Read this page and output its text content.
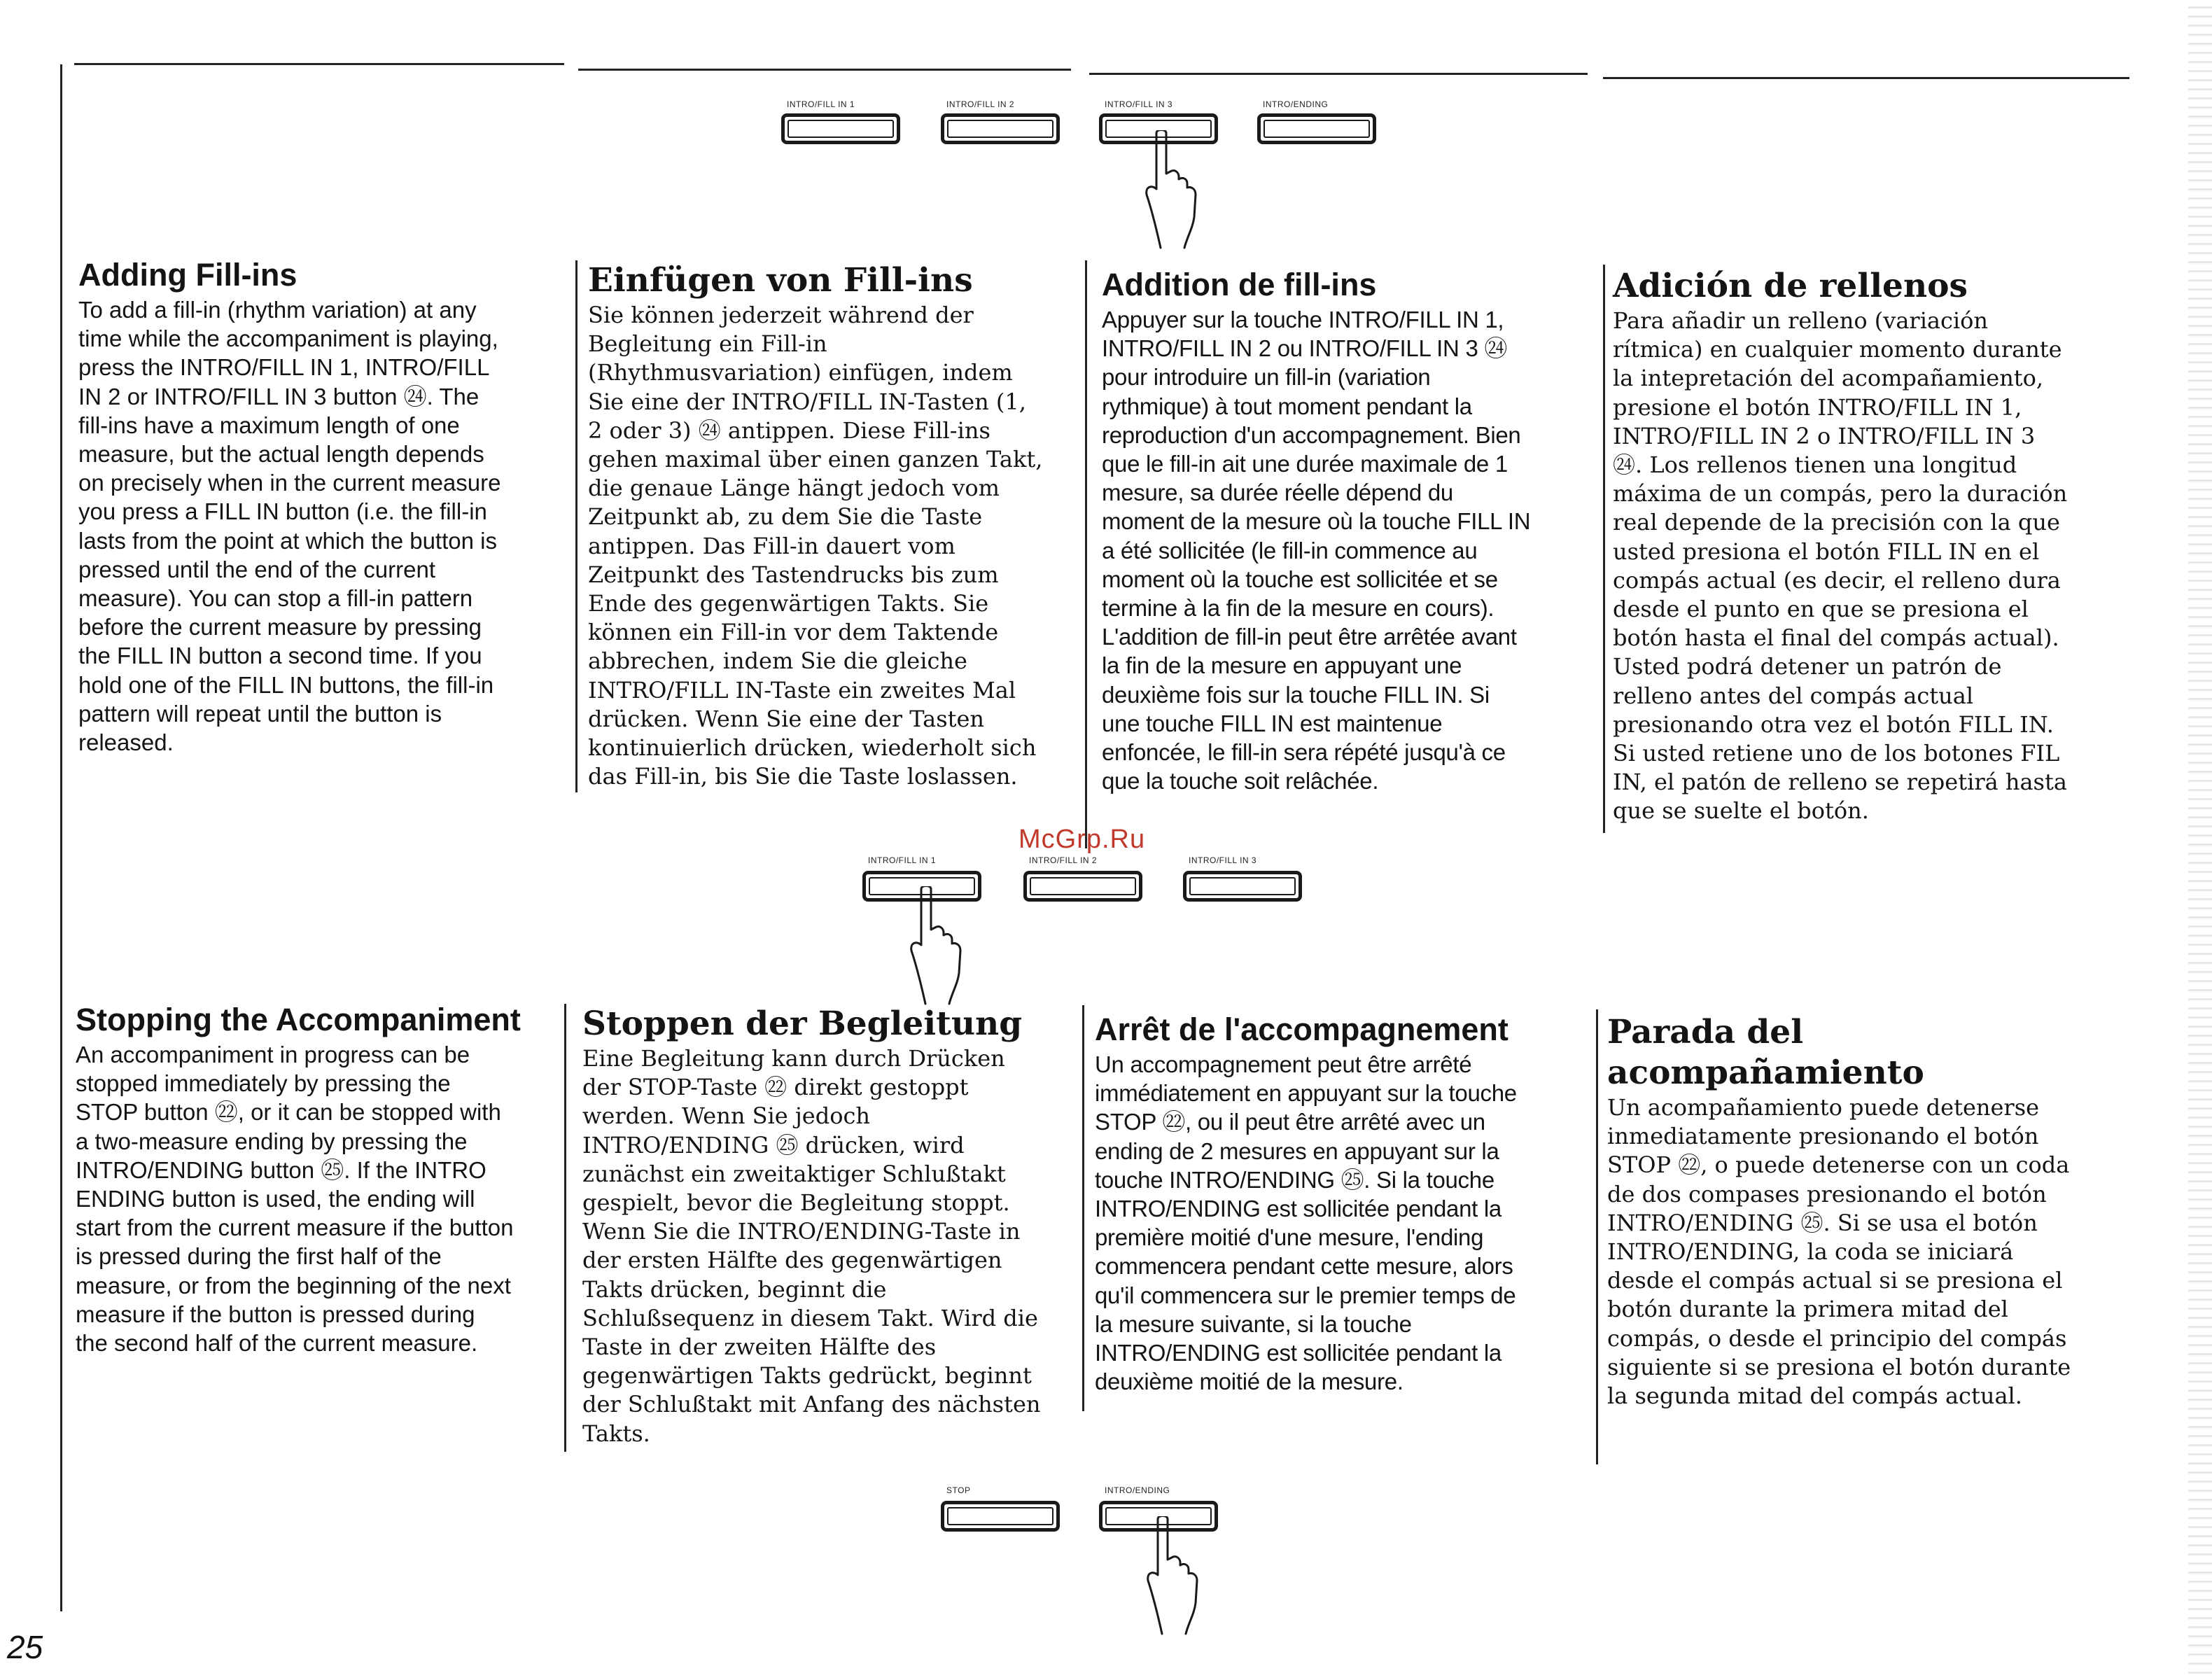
INTRO/FILL IN 1	INTRO/FILL IN 2	INTRO/FILL IN 3	INTRO/ENDING
Adding Fill-ins

To add a fill-in (rhythm variation) at any
time while the accompaniment is playing,
press the INTRO/FILL IN 1, INTRO/FILL
IN 2 or INTRO/FILL IN 3 button ㉔. The
fill-ins have a maximum length of one
measure, but the actual length depends
on precisely when in the current measure
you press a FILL IN button (i.e. the fill-in
lasts from the point at which the button is
pressed until the end of the current
measure). You can stop a fill-in pattern
before the current measure by pressing
the FILL IN button a second time. If you
hold one of the FILL IN buttons, the fill-in
pattern will repeat until the button is
released.

Einfügen von Fill-ins

Sie können jederzeit während der
Begleitung ein Fill-in
(Rhythmusvariation) einfügen, indem
Sie eine der INTRO/FILL IN-Tasten (1,
2 oder 3) ㉔ antippen. Diese Fill-ins
gehen maximal über einen ganzen Takt,
die genaue Länge hängt jedoch vom
Zeitpunkt ab, zu dem Sie die Taste
antippen. Das Fill-in dauert vom
Zeitpunkt des Tastendrucks bis zum
Ende des gegenwärtigen Takts. Sie
können ein Fill-in vor dem Taktende
abbrechen, indem Sie die gleiche
INTRO/FILL IN-Taste ein zweites Mal
drücken. Wenn Sie eine der Tasten
kontinuierlich drücken, wiederholt sich
das Fill-in, bis Sie die Taste loslassen.

Addition de fill-ins

Appuyer sur la touche INTRO/FILL IN 1,
INTRO/FILL IN 2 ou INTRO/FILL IN 3 ㉔
pour introduire un fill-in (variation
rythmique) à tout moment pendant la
reproduction d'un accompagnement. Bien
que le fill-in ait une durée maximale de 1
mesure, sa durée réelle dépend du
moment de la mesure où la touche FILL IN
a été sollicitée (le fill-in commence au
moment où la touche est sollicitée et se
termine à la fin de la mesure en cours).
L'addition de fill-in peut être arrêtée avant
la fin de la mesure en appuyant une
deuxième fois sur la touche FILL IN. Si
une touche FILL IN est maintenue
enfoncée, le fill-in sera répété jusqu'à ce
que la touche soit relâchée.

Adición de rellenos

Para añadir un relleno (variación
rítmica) en cualquier momento durante
la intepretación del acompañamiento,
presione el botón INTRO/FILL IN 1,
INTRO/FILL IN 2 o INTRO/FILL IN 3
㉔. Los rellenos tienen una longitud
máxima de un compás, pero la duración
real depende de la precisión con la que
usted presiona el botón FILL IN en el
compás actual (es decir, el relleno dura
desde el punto en que se presiona el
botón hasta el final del compás actual).
Usted podrá detener un patrón de
relleno antes del compás actual
presionando otra vez el botón FILL IN.
Si usted retiene uno de los botones FIL
IN, el patón de relleno se repetirá hasta
que se suelte el botón.

INTRO/FILL IN 1	INTRO/FILL IN 2	INTRO/FILL IN 3
McGrp.Ru
Stopping the Accompaniment

An accompaniment in progress can be
stopped immediately by pressing the
STOP button ㉒, or it can be stopped with
a two-measure ending by pressing the
INTRO/ENDING button ㉕. If the INTRO
ENDING button is used, the ending will
start from the current measure if the button
is pressed during the first half of the
measure, or from the beginning of the next
measure if the button is pressed during
the second half of the current measure.

Stoppen der Begleitung

Eine Begleitung kann durch Drücken
der STOP-Taste ㉒ direkt gestoppt
werden. Wenn Sie jedoch
INTRO/ENDING ㉕ drücken, wird
zunächst ein zweitaktiger Schlußtakt
gespielt, bevor die Begleitung stoppt.
Wenn Sie die INTRO/ENDING-Taste in
der ersten Hälfte des gegenwärtigen
Takts drücken, beginnt die
Schlußsequenz in diesem Takt. Wird die
Taste in der zweiten Hälfte des
gegenwärtigen Takts gedrückt, beginnt
der Schlußtakt mit Anfang des nächsten
Takts.

Arrêt de l'accompagnement

Un accompagnement peut être arrêté
immédiatement en appuyant sur la touche
STOP ㉒, ou il peut être arrêté avec un
ending de 2 mesures en appuyant sur la
touche INTRO/ENDING ㉕. Si la touche
INTRO/ENDING est sollicitée pendant la
première moitié d'une mesure, l'ending
commencera pendant cette mesure, alors
qu'il commencera sur le premier temps de
la mesure suivante, si la touche
INTRO/ENDING est sollicitée pendant la
deuxième moitié de la mesure.

Parada del
acompañamiento

Un acompañamiento puede detenerse
inmediatamente presionando el botón
STOP ㉒, o puede detenerse con un coda
de dos compases presionando el botón
INTRO/ENDING ㉕. Si se usa el botón
INTRO/ENDING, la coda se iniciará
desde el compás actual si se presiona el
botón durante la primera mitad del
compás, o desde el principio del compás
siguiente si se presiona el botón durante
la segunda mitad del compás actual.

STOP	INTRO/ENDING
25
